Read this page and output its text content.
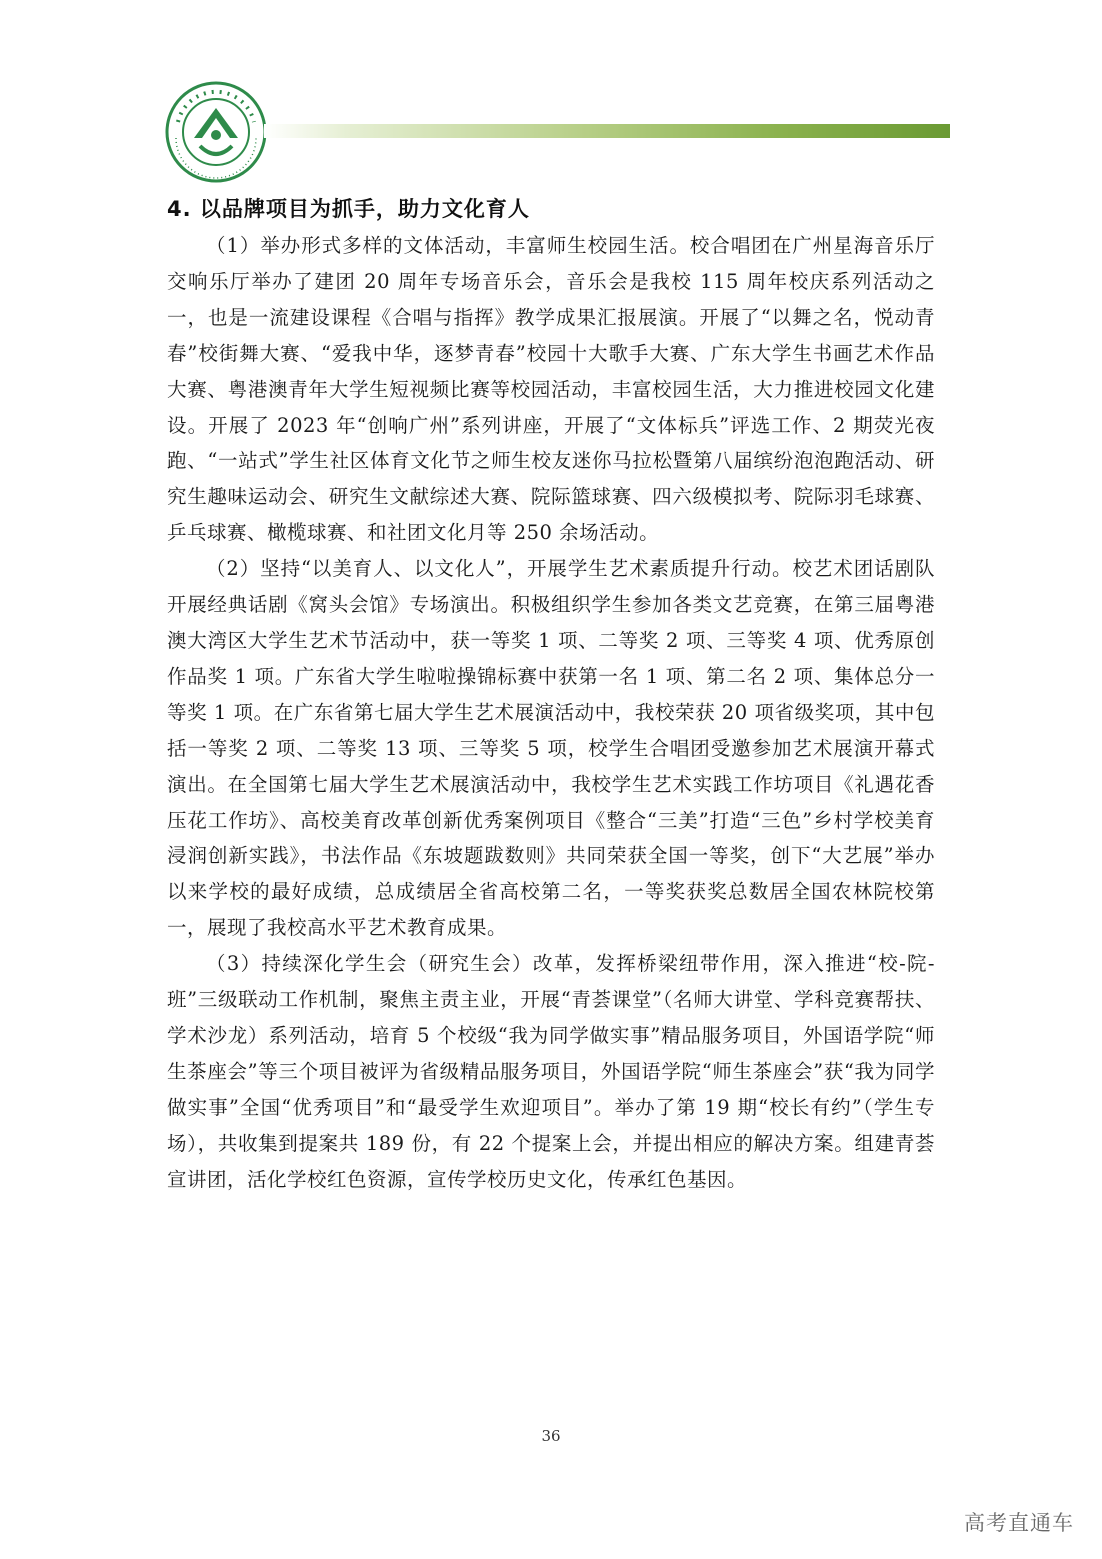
4. 以品牌项目为抓手，助力文化育人

（1）举办形式多样的文体活动，丰富师生校园生活。校合唱团在广州星海音乐厅交响乐厅举办了建团 20 周年专场音乐会，音乐会是我校 115 周年校庆系列活动之一，也是一流建设课程《合唱与指挥》教学成果汇报展演。开展了“以舞之名，悦动青春”校街舞大赛、“爱我中华，逐梦青春”校园十大歌手大赛、广东大学生书画艺术作品大赛、粤港澳青年大学生短视频比赛等校园活动，丰富校园生活，大力推进校园文化建设。开展了 2023 年“创响广州”系列讲座，开展了“文体标兵”评选工作、2 期荧光夜跑、“一站式”学生社区体育文化节之师生校友迷你马拉松暨第八届缤纷泡泡跑活动、研究生趣味运动会、研究生文献综述大赛、院际篮球赛、四六级模拟考、院际羽毛球赛、乒乓球赛、橄榄球赛、和社团文化月等 250 余场活动。

（2）坚持“以美育人、以文化人”，开展学生艺术素质提升行动。校艺术团话剧队开展经典话剧《窝头会馆》专场演出。积极组织学生参加各类文艺竞赛，在第三届粤港澳大湾区大学生艺术节活动中，获一等奖 1 项、二等奖 2 项、三等奖 4 项、优秀原创作品奖 1 项。广东省大学生啦啦操锦标赛中获第一名 1 项、第二名 2 项、集体总分一等奖 1 项。在广东省第七届大学生艺术展演活动中，我校荣获 20 项省级奖项，其中包括一等奖 2 项、二等奖 13 项、三等奖 5 项，校学生合唱团受邀参加艺术展演开幕式演出。在全国第七届大学生艺术展演活动中，我校学生艺术实践工作坊项目《礼遇花香压花工作坊》、高校美育改革创新优秀案例项目《整合“三美”打造“三色”乡村学校美育浸润创新实践》，书法作品《东坡题跋数则》共同荣获全国一等奖，创下“大艺展”举办以来学校的最好成绩，总成绩居全省高校第二名，一等奖获奖总数居全国农林院校第一，展现了我校高水平艺术教育成果。

（3）持续深化学生会（研究生会）改革，发挥桥梁纽带作用，深入推进“校-院-班”三级联动工作机制，聚焦主责主业，开展“青荟课堂”（名师大讲堂、学科竞赛帮扶、学术沙龙）系列活动，培育 5 个校级“我为同学做实事”精品服务项目，外国语学院“师生茶座会”等三个项目被评为省级精品服务项目，外国语学院“师生茶座会”获“我为同学做实事”全国“优秀项目”和“最受学生欢迎项目”。举办了第 19 期“校长有约”（学生专场），共收集到提案共 189 份，有 22 个提案上会，并提出相应的解决方案。组建青荟宣讲团，活化学校红色资源，宣传学校历史文化，传承红色基因。

36
高考直通车
